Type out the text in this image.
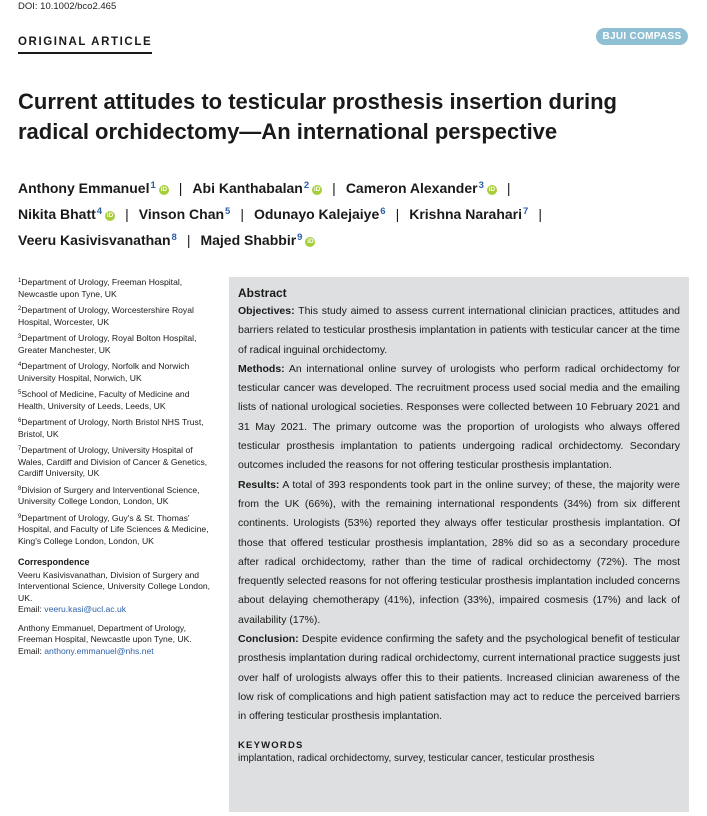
DOI: 10.1002/bco2.465
ORIGINAL ARTICLE	BJUI COMPASS
Current attitudes to testicular prosthesis insertion during radical orchidectomy—An international perspective
Anthony Emmanuel$^1$ iD | Abi Kanthabalan$^2$ iD | Cameron Alexander$^3$ iD |
Nikita Bhatt$^4$ iD | Vinson Chan$^5$ | Odunayo Kalejaiye$^6$ | Krishna Narahari$^7$ |
Veeru Kasivisvanathan$^8$ | Majed Shabbir$^9$ iD
$^1$Department of Urology, Freeman Hospital, Newcastle upon Tyne, UK
$^2$Department of Urology, Worcestershire Royal Hospital, Worcester, UK
$^3$Department of Urology, Royal Bolton Hospital, Greater Manchester, UK
$^4$Department of Urology, Norfolk and Norwich University Hospital, Norwich, UK
$^5$School of Medicine, Faculty of Medicine and Health, University of Leeds, Leeds, UK
$^6$Department of Urology, North Bristol NHS Trust, Bristol, UK
$^7$Department of Urology, University Hospital of Wales, Cardiff and Division of Cancer & Genetics, Cardiff University, UK
$^8$Division of Surgery and Interventional Science, University College London, London, UK
$^9$Department of Urology, Guy's & St. Thomas' Hospital, and Faculty of Life Sciences & Medicine, King's College London, London, UK
Correspondence
Veeru Kasivisvanathan, Division of Surgery and Interventional Science, University College London, UK.
Email: veeru.kasi@ucl.ac.uk
Anthony Emmanuel, Department of Urology, Freeman Hospital, Newcastle upon Tyne, UK.
Email: anthony.emmanuel@nhs.net
Abstract
Objectives: This study aimed to assess current international clinician practices, attitudes and barriers related to testicular prosthesis implantation in patients with testicular cancer at the time of radical inguinal orchidectomy.
Methods: An international online survey of urologists who perform radical orchidectomy for testicular cancer was developed. The recruitment process used social media and the emailing lists of national urological societies. Responses were collected between 10 February 2021 and 31 May 2021. The primary outcome was the proportion of urologists who always offered testicular prosthesis implantation to patients undergoing radical orchidectomy. Secondary outcomes included the reasons for not offering testicular prosthesis implantation.
Results: A total of 393 respondents took part in the online survey; of these, the majority were from the UK (66%), with the remaining international respondents (34%) from six different continents. Urologists (53%) reported they always offer testicular prosthesis implantation. Of those that offered testicular prosthesis implantation, 28% did so as a secondary procedure after radical orchidectomy, rather than the time of radical orchidectomy (72%). The most frequently selected reasons for not offering testicular prosthesis implantation included concerns about delaying chemotherapy (41%), infection (33%), impaired cosmesis (17%) and lack of availability (17%).
Conclusion: Despite evidence confirming the safety and the psychological benefit of testicular prosthesis implantation during radical orchidectomy, current international practice suggests just over half of urologists always offer this to their patients. Increased clinician awareness of the low risk of complications and high patient satisfaction may act to reduce the perceived barriers in offering testicular prosthesis implantation.
KEYWORDS
implantation, radical orchidectomy, survey, testicular cancer, testicular prosthesis
